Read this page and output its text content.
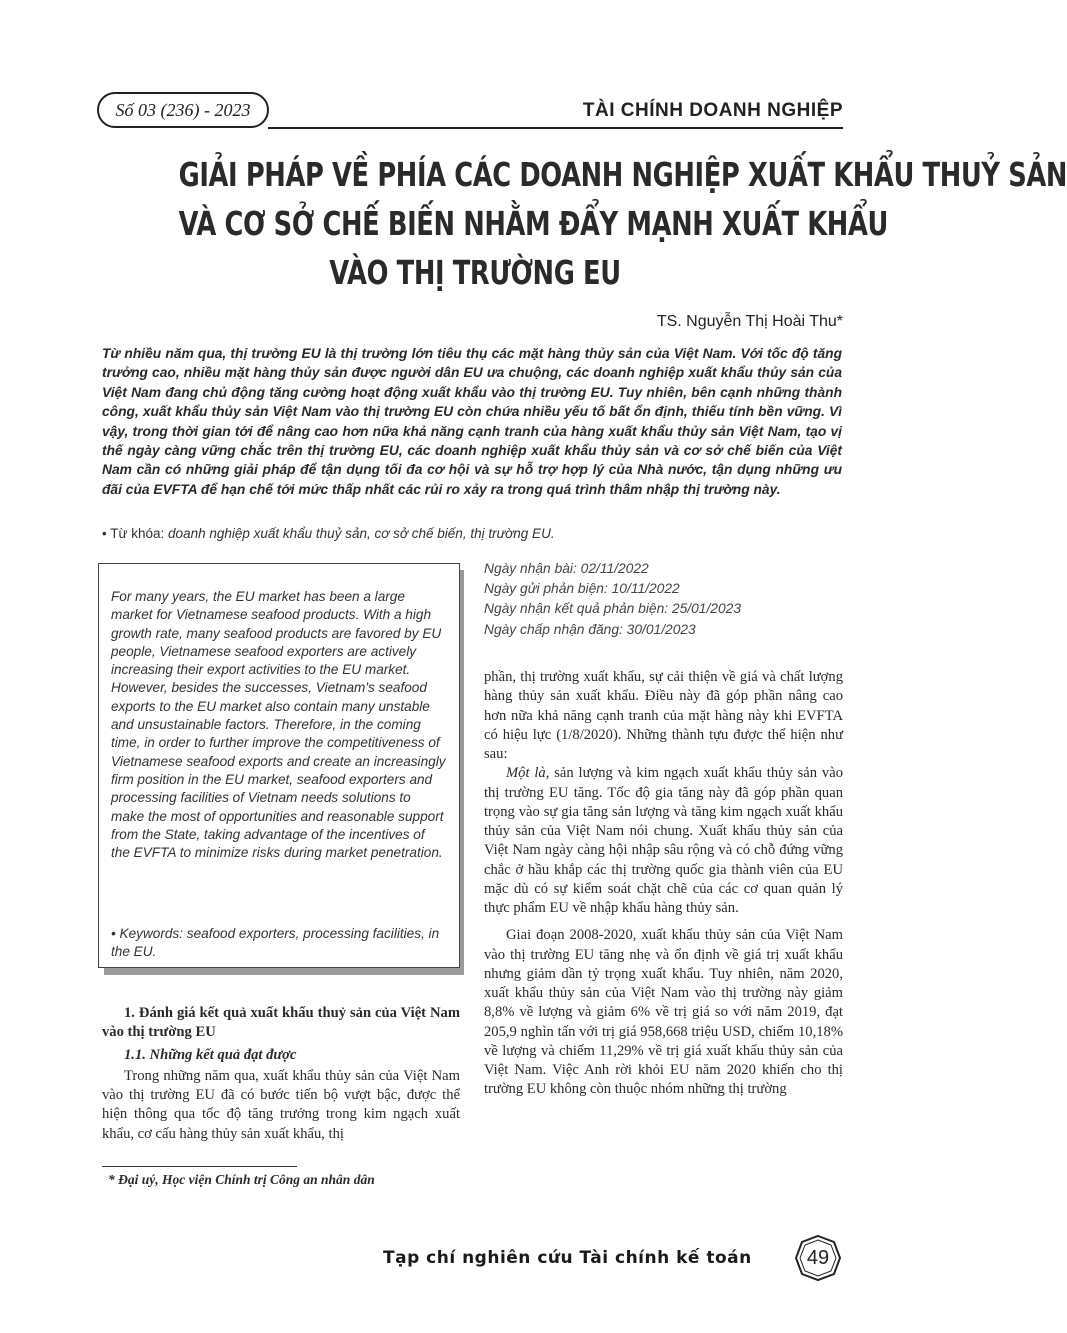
Số 03 (236) - 2023	TÀI CHÍNH DOANH NGHIỆP
GIẢI PHÁP VỀ PHÍA CÁC DOANH NGHIỆP XUẤT KHẨU THUỶ SẢN
VÀ CƠ SỞ CHẾ BIẾN NHẰM ĐẨY MẠNH XUẤT KHẨU
VÀO THỊ TRƯỜNG EU
TS. Nguyễn Thị Hoài Thu*
Từ nhiều năm qua, thị trường EU là thị trường lớn tiêu thụ các mặt hàng thủy sản của Việt Nam. Với tốc độ tăng trưởng cao, nhiều mặt hàng thủy sản được người dân EU ưa chuộng, các doanh nghiệp xuất khẩu thủy sản của Việt Nam đang chủ động tăng cường hoạt động xuất khẩu vào thị trường EU. Tuy nhiên, bên cạnh những thành công, xuất khẩu thủy sản Việt Nam vào thị trường EU còn chứa nhiều yếu tố bất ổn định, thiếu tính bền vững. Vì vậy, trong thời gian tới để nâng cao hơn nữa khả năng cạnh tranh của hàng xuất khẩu thủy sản Việt Nam, tạo vị thế ngày càng vững chắc trên thị trường EU, các doanh nghiệp xuất khẩu thủy sản và cơ sở chế biến của Việt Nam cần có những giải pháp để tận dụng tối đa cơ hội và sự hỗ trợ hợp lý của Nhà nước, tận dụng những ưu đãi của EVFTA để hạn chế tới mức thấp nhất các rủi ro xảy ra trong quá trình thâm nhập thị trường này.
• Từ khóa: doanh nghiệp xuất khẩu thuỷ sản, cơ sở chế biến, thị trường EU.
For many years, the EU market has been a large market for Vietnamese seafood products. With a high growth rate, many seafood products are favored by EU people, Vietnamese seafood exporters are actively increasing their export activities to the EU market. However, besides the successes, Vietnam's seafood exports to the EU market also contain many unstable and unsustainable factors. Therefore, in the coming time, in order to further improve the competitiveness of Vietnamese seafood exports and create an increasingly firm position in the EU market, seafood exporters and processing facilities of Vietnam needs solutions to make the most of opportunities and reasonable support from the State, taking advantage of the incentives of the EVFTA to minimize risks during market penetration.
• Keywords: seafood exporters, processing facilities, in the EU.
Ngày nhận bài: 02/11/2022
Ngày gửi phản biện: 10/11/2022
Ngày nhận kết quả phản biện: 25/01/2023
Ngày chấp nhận đăng: 30/01/2023

phần, thị trường xuất khẩu, sự cải thiện về giá và chất lượng hàng thủy sản xuất khẩu. Điều này đã góp phần nâng cao hơn nữa khả năng cạnh tranh của mặt hàng này khi EVFTA có hiệu lực (1/8/2020). Những thành tựu được thể hiện như sau:

Một là, sản lượng và kim ngạch xuất khẩu thủy sản vào thị trường EU tăng. Tốc độ gia tăng này đã góp phần quan trọng vào sự gia tăng sản lượng và tăng kim ngạch xuất khẩu thủy sản của Việt Nam nói chung. Xuất khẩu thủy sản của Việt Nam ngày càng hội nhập sâu rộng và có chỗ đứng vững chắc ở hầu khắp các thị trường quốc gia thành viên của EU mặc dù có sự kiểm soát chặt chẽ của các cơ quan quản lý thực phẩm EU về nhập khẩu hàng thủy sản.

Giai đoạn 2008-2020, xuất khẩu thủy sản của Việt Nam vào thị trường EU tăng nhẹ và ổn định về giá trị xuất khẩu nhưng giảm dần tỷ trọng xuất khẩu. Tuy nhiên, năm 2020, xuất khẩu thủy sản của Việt Nam vào thị trường này giảm 8,8% về lượng và giảm 6% về trị giá so với năm 2019, đạt 205,9 nghìn tấn với trị giá 958,668 triệu USD, chiếm 10,18% về lượng và chiếm 11,29% về trị giá xuất khẩu thủy sản của Việt Nam. Việc Anh rời khỏi EU năm 2020 khiến cho thị trường EU không còn thuộc nhóm những thị trường

1. Đánh giá kết quả xuất khẩu thuỷ sản của Việt Nam vào thị trường EU

1.1. Những kết quả đạt được

Trong những năm qua, xuất khẩu thủy sản của Việt Nam vào thị trường EU đã có bước tiến bộ vượt bậc, được thể hiện thông qua tốc độ tăng trưởng trong kim ngạch xuất khẩu, cơ cấu hàng thủy sản xuất khẩu, thị

* Đại uý, Học viện Chính trị Công an nhân dân
Tạp chí nghiên cứu Tài chính kế toán	49
